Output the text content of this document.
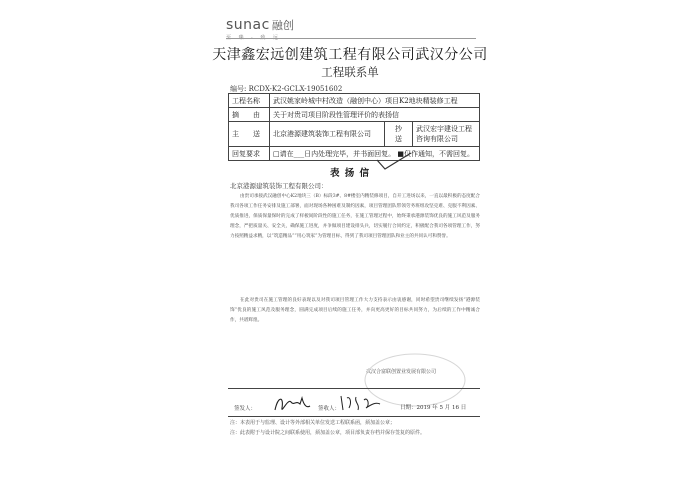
sunac 融创
至 臻 · 致 远
天津鑫宏远创建筑工程有限公司武汉分公司
工程联系单
编号: RCDX-K2-GCLX-19051602
工程名称	武汉姚家岭城中村改造（融创中心）项目K2地块精装修工程		
摘　　由	关于对贵司项目阶段性管理评价的表扬信		
主　　送	北京港源建筑装饰工程有限公司	抄　　送	武汉宏宇建设工程咨询有限公司
回复要求	□请在___日内处理完毕，并书面回复。 ■仅作通知，不需回复。		
表 扬 信
北京港源建筑装饰工程有限公司：
由贵司承接武汉融创中心K2地块三（B）标段3#、8#楼室内精装修项目，自开工进场以来，一直以最积极的态度配合我司各项工作任务安排及施工部署，面对现场各种困难及制约因素，项目管理团队带领劳务班组攻坚克难、克服不利因素、优质推进，保质保量保时的完成了样板间阶段性的施工任务，在施工管理过程中，始终秉承港源装饰优良的施工风范及服务理念，严把质量关、安全关，确保施工进度，并争做项目建设排头兵，切实履行合同约定，积极配合我司各项管理工作，努力按照精益求精，以“筑造精品”“用心筑家”为管理目标，得到了我司项目管理团队和业主的共同认可和赞誉。
在此对贵司在施工管理的良好表现以及对我司项目管理工作大力支持表示由衷感谢，同时希望贵司继续发扬“港源装饰”优良的施工风范及服务理念，圆满完成项目后续的施工任务，并向更高更好的目标共同努力，为后续的工作中精诚合作，共谱辉煌。
武汉合富联创置业发展有限公司
签发人：	签收人：	日期：2019 年 5 月 16 日
注：本表用于与监理、设计等外部相关单位发送工程联系函，须加盖公章；
注：此表附于与设计院之间联系使用，须加盖公章，项目部负责存档并保存签复的原件。
